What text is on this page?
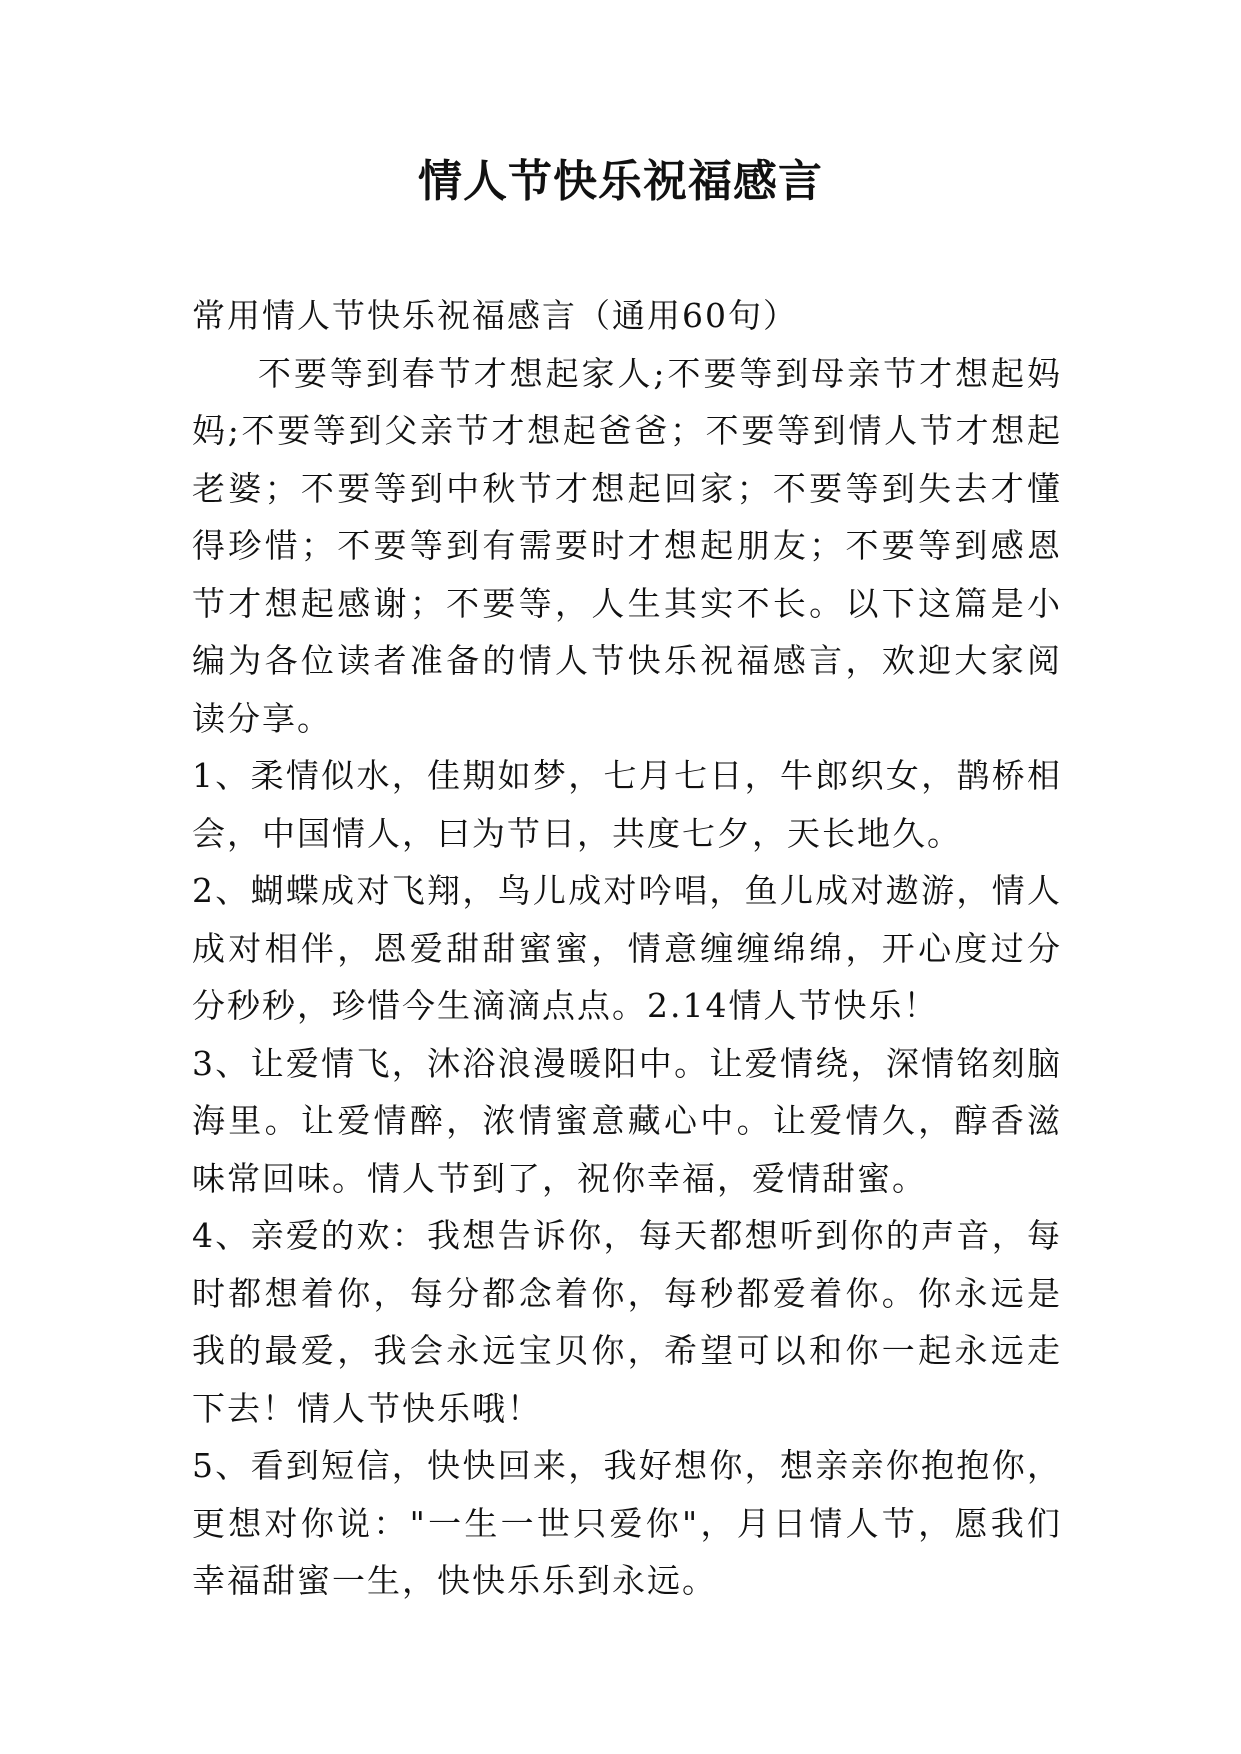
情人节快乐祝福感言

常用情人节快乐祝福感言（通用60句）

不要等到春节才想起家人;不要等到母亲节才想起妈妈;不要等到父亲节才想起爸爸；不要等到情人节才想起老婆；不要等到中秋节才想起回家；不要等到失去才懂得珍惜；不要等到有需要时才想起朋友；不要等到感恩节才想起感谢；不要等，人生其实不长。以下这篇是小编为各位读者准备的情人节快乐祝福感言，欢迎大家阅读分享。

1、柔情似水，佳期如梦，七月七日，牛郎织女，鹊桥相会，中国情人，曰为节日，共度七夕，天长地久。

2、蝴蝶成对飞翔，鸟儿成对吟唱，鱼儿成对遨游，情人成对相伴，恩爱甜甜蜜蜜，情意缠缠绵绵，开心度过分分秒秒，珍惜今生滴滴点点。2.14情人节快乐！

3、让爱情飞，沐浴浪漫暖阳中。让爱情绕，深情铭刻脑海里。让爱情醉，浓情蜜意藏心中。让爱情久，醇香滋味常回味。情人节到了，祝你幸福，爱情甜蜜。

4、亲爱的欢：我想告诉你，每天都想听到你的声音，每时都想着你，每分都念着你，每秒都爱着你。你永远是我的最爱，我会永远宝贝你，希望可以和你一起永远走下去！情人节快乐哦！

5、看到短信，快快回来，我好想你，想亲亲你抱抱你，更想对你说："一生一世只爱你"，月日情人节，愿我们幸福甜蜜一生，快快乐乐到永远。
